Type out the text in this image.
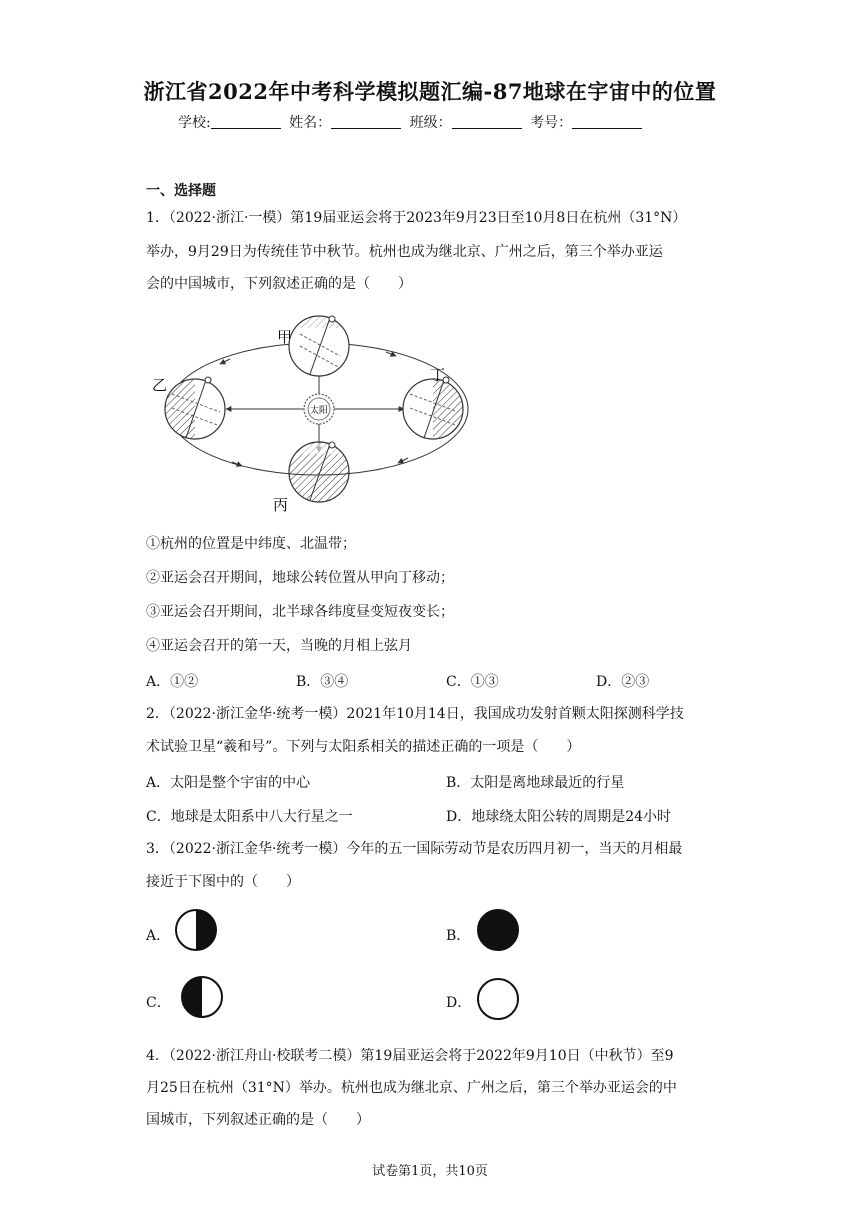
浙江省2022年中考科学模拟题汇编-87地球在宇宙中的位置
学校:	姓名：	班级：	考号：
一、选择题
1．（2022·浙江·一模）第19届亚运会将于2023年9月23日至10月8日在杭州（31°N）
举办，9月29日为传统佳节中秋节。杭州也成为继北京、广州之后，第三个举办亚运
会的中国城市，下列叙述正确的是（　　）
太阳
甲
乙
丙
丁
①杭州的位置是中纬度、北温带；
②亚运会召开期间，地球公转位置从甲向丁移动；
③亚运会召开期间，北半球各纬度昼变短夜变长；
④亚运会召开的第一天，当晚的月相上弦月
A．①②	B．③④	C．①③	D．②③
2．（2022·浙江金华·统考一模）2021年10月14日，我国成功发射首颗太阳探测科学技
术试验卫星“羲和号”。下列与太阳系相关的描述正确的一项是（　　）
A．太阳是整个宇宙的中心	B．太阳是离地球最近的行星
C．地球是太阳系中八大行星之一	D．地球绕太阳公转的周期是24小时
3．（2022·浙江金华·统考一模）今年的五一国际劳动节是农历四月初一，当天的月相最
接近于下图中的（　　）
A．	B．
C．	D．
4．（2022·浙江舟山·校联考二模）第19届亚运会将于2022年9月10日（中秋节）至9
月25日在杭州（31°N）举办。杭州也成为继北京、广州之后，第三个举办亚运会的中
国城市，下列叙述正确的是（　　）
试卷第1页，共10页
